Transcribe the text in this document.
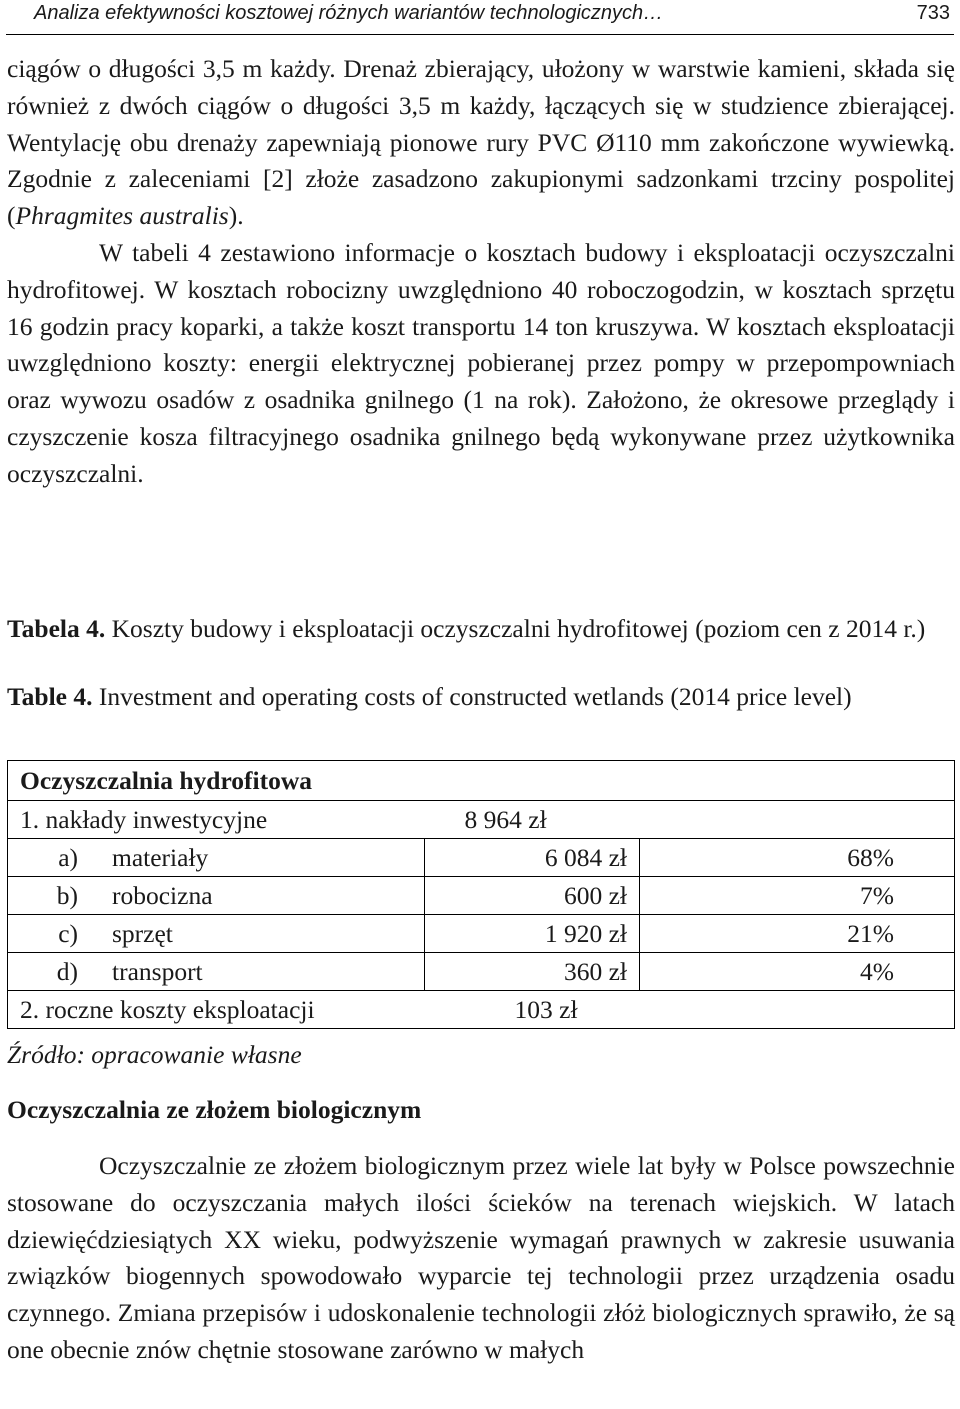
Analiza efektywności kosztowej różnych wariantów technologicznych…	733

ciągów o długości 3,5 m każdy. Drenaż zbierający, ułożony w warstwie kamieni, składa się również z dwóch ciągów o długości 3,5 m każdy, łączących się w studzience zbierającej. Wentylację obu drenaży zapewniają pionowe rury PVC Ø110 mm zakończone wywiewką. Zgodnie z zaleceniami [2] złoże zasadzono zakupionymi sadzonkami trzciny pospolitej (Phragmites australis).

W tabeli 4 zestawiono informacje o kosztach budowy i eksploatacji oczyszczalni hydrofitowej. W kosztach robocizny uwzględniono 40 roboczogodzin, w kosztach sprzętu 16 godzin pracy koparki, a także koszt transportu 14 ton kruszywa. W kosztach eksploatacji uwzględniono koszty: energii elektrycznej pobieranej przez pompy w przepompowniach oraz wywozu osadów z osadnika gnilnego (1 na rok). Założono, że okresowe przeglądy i czyszczenie kosza filtracyjnego osadnika gnilnego będą wykonywane przez użytkownika oczyszczalni.

Tabela 4. Koszty budowy i eksploatacji oczyszczalni hydrofitowej (poziom cen z 2014 r.)
Table 4. Investment and operating costs of constructed wetlands (2014 price level)
Oczyszczalnia hydrofitowa			
1. nakłady inwestycyjne		8 964 zł	
a)	materiały	6 084 zł	68%
b)	robocizna	600 zł	7%
c)	sprzęt	1 920 zł	21%
d)	transport	360 zł	4%
2. roczne koszty eksploatacji		103 zł	
Źródło: opracowanie własne
Oczyszczalnia ze złożem biologicznym

Oczyszczalnie ze złożem biologicznym przez wiele lat były w Polsce powszechnie stosowane do oczyszczania małych ilości ścieków na terenach wiejskich. W latach dziewięćdziesiątych XX wieku, podwyższenie wymagań prawnych w zakresie usuwania związków biogennych spowodowało wyparcie tej technologii przez urządzenia osadu czynnego. Zmiana przepisów i udoskonalenie technologii złóż biologicznych sprawiło, że są one obecnie znów chętnie stosowane zarówno w małych
